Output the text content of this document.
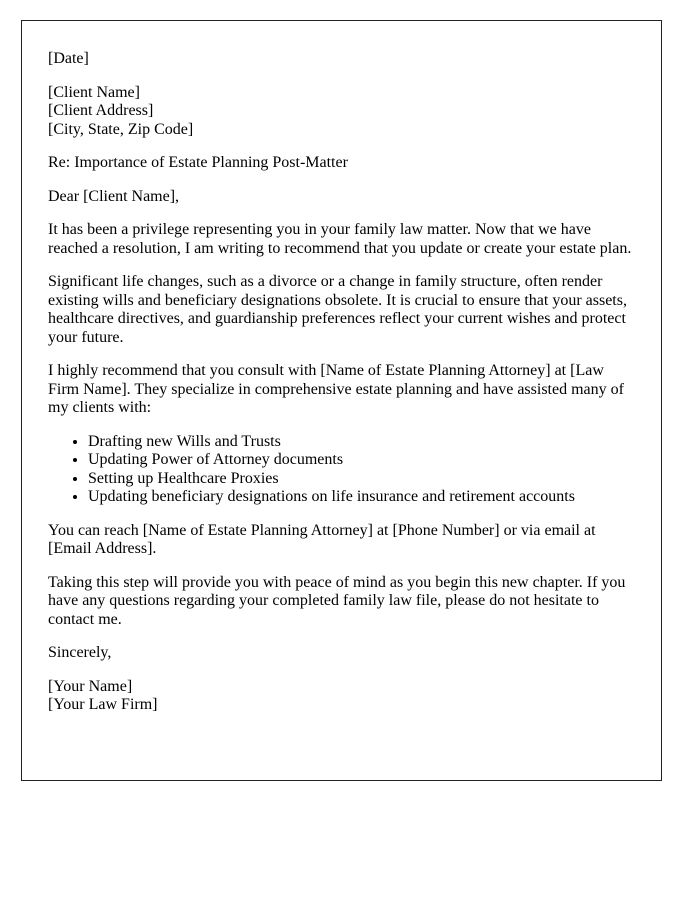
[Date]

[Client Name]
[Client Address]
[City, State, Zip Code]

Re: Importance of Estate Planning Post-Matter

Dear [Client Name],

It has been a privilege representing you in your family law matter. Now that we have reached a resolution, I am writing to recommend that you update or create your estate plan.

Significant life changes, such as a divorce or a change in family structure, often render existing wills and beneficiary designations obsolete. It is crucial to ensure that your assets, healthcare directives, and guardianship preferences reflect your current wishes and protect your future.

I highly recommend that you consult with [Name of Estate Planning Attorney] at [Law Firm Name]. They specialize in comprehensive estate planning and have assisted many of my clients with:

• Drafting new Wills and Trusts
• Updating Power of Attorney documents
• Setting up Healthcare Proxies
• Updating beneficiary designations on life insurance and retirement accounts

You can reach [Name of Estate Planning Attorney] at [Phone Number] or via email at [Email Address].

Taking this step will provide you with peace of mind as you begin this new chapter. If you have any questions regarding your completed family law file, please do not hesitate to contact me.

Sincerely,

[Your Name]
[Your Law Firm]
